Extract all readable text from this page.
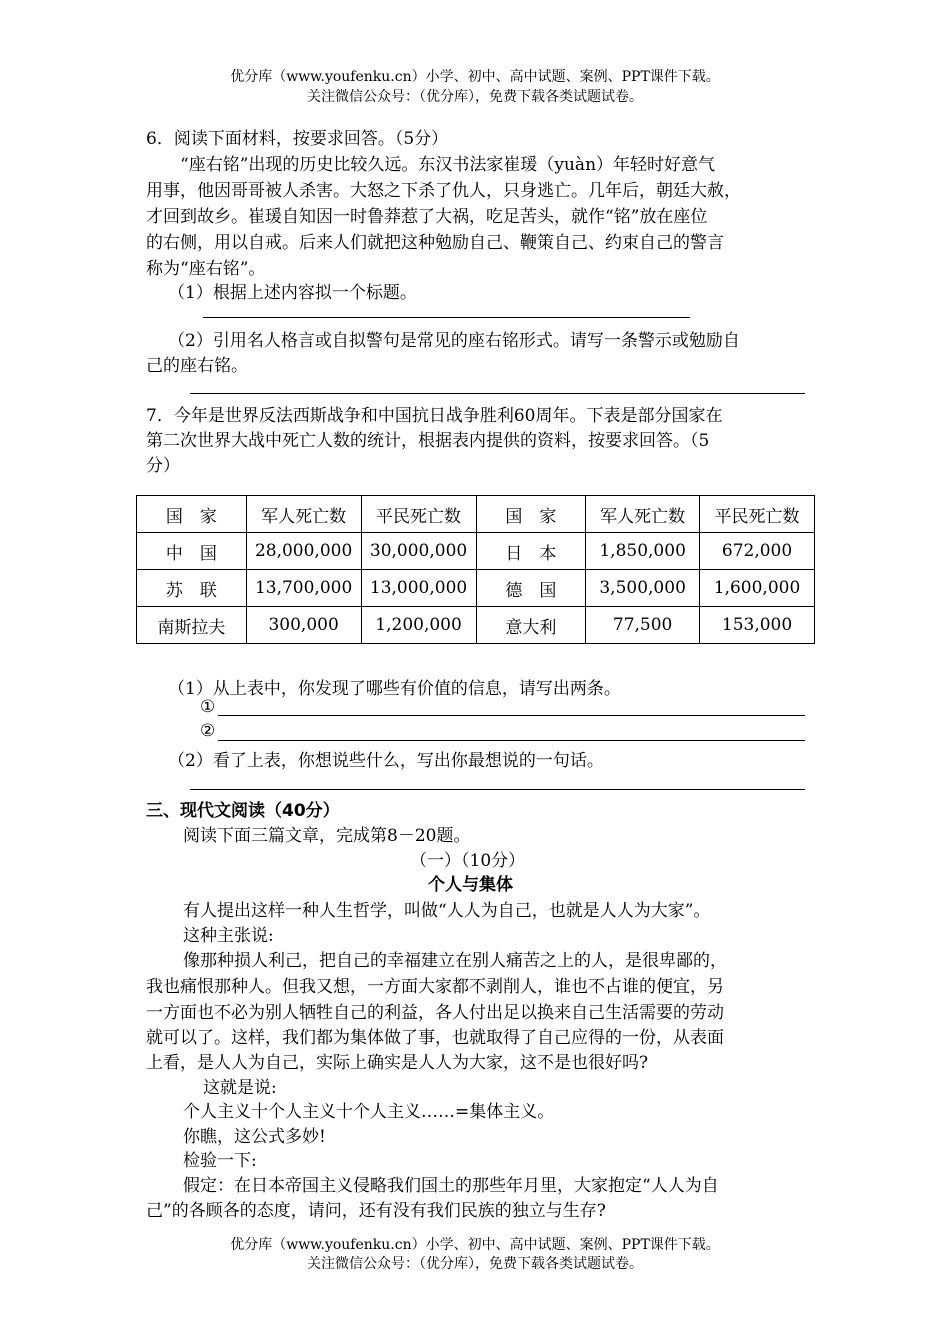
优分库（www.youfenku.cn）小学、初中、高中试题、案例、PPT课件下载。
关注微信公众号：（优分库），免费下载各类试题试卷。
6．阅读下面材料，按要求回答。（5分）
“座右铭”出现的历史比较久远。东汉书法家崔瑗（yuàn）年轻时好意气
用事，他因哥哥被人杀害。大怒之下杀了仇人，只身逃亡。几年后，朝廷大赦，
才回到故乡。崔瑗自知因一时鲁莽惹了大祸，吃足苦头，就作“铭”放在座位
的右侧，用以自戒。后来人们就把这种勉励自己、鞭策自己、约束自己的警言
称为“座右铭”。
（1）根据上述内容拟一个标题。
（2）引用名人格言或自拟警句是常见的座右铭形式。请写一条警示或勉励自
己的座右铭。
7．今年是世界反法西斯战争和中国抗日战争胜利60周年。下表是部分国家在
第二次世界大战中死亡人数的统计，根据表内提供的资料，按要求回答。（5
分）
国　家	军人死亡数	平民死亡数	国　家	军人死亡数	平民死亡数
中　国	28,000,000	30,000,000	日　本	1,850,000	672,000
苏　联	13,700,000	13,000,000	德　国	3,500,000	1,600,000
南斯拉夫	300,000	1,200,000	意大利	77,500	153,000
（1）从上表中，你发现了哪些有价值的信息，请写出两条。
①
②
（2）看了上表，你想说些什么，写出你最想说的一句话。
三、现代文阅读（40分）
阅读下面三篇文章，完成第8－20题。
（一）（10分）
个人与集体
有人提出这样一种人生哲学，叫做“人人为自己，也就是人人为大家”。
这种主张说:
像那种损人利己，把自己的幸福建立在别人痛苦之上的人，是很卑鄙的，
我也痛恨那种人。但我又想，一方面大家都不剥削人，谁也不占谁的便宜，另
一方面也不必为别人牺牲自己的利益，各人付出足以换来自己生活需要的劳动
就可以了。这样，我们都为集体做了事，也就取得了自己应得的一份，从表面
上看，是人人为自己，实际上确实是人人为大家，这不是也很好吗?
这就是说:
个人主义十个人主义十个人主义……=集体主义。
你瞧，这公式多妙!
检验一下:
假定：在日本帝国主义侵略我们国土的那些年月里，大家抱定“人人为自
己”的各顾各的态度，请问，还有没有我们民族的独立与生存?
优分库（www.youfenku.cn）小学、初中、高中试题、案例、PPT课件下载。
关注微信公众号：（优分库），免费下载各类试题试卷。
